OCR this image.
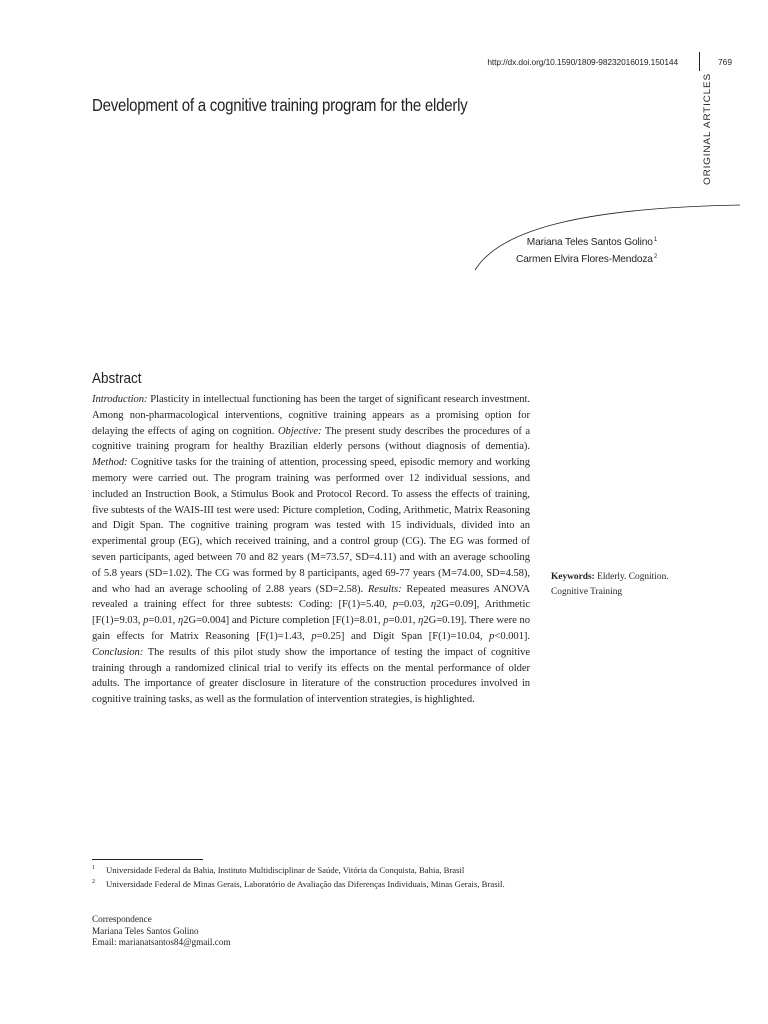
http://dx.doi.org/10.1590/1809-98232016019.150144	769
Development of a cognitive training program for the elderly	ORIGINAL ARTICLES
Mariana Teles Santos Golino$^1$
Carmen Elvira Flores-Mendoza$^2$
Abstract
Introduction: Plasticity in intellectual functioning has been the target of significant research investment. Among non-pharmacological interventions, cognitive training appears as a promising option for delaying the effects of aging on cognition. Objective: The present study describes the procedures of a cognitive training program for healthy Brazilian elderly persons (without diagnosis of dementia). Method: Cognitive tasks for the training of attention, processing speed, episodic memory and working memory were carried out. The program training was performed over 12 individual sessions, and included an Instruction Book, a Stimulus Book and Protocol Record. To assess the effects of training, five subtests of the WAIS-III test were used: Picture completion, Coding, Arithmetic, Matrix Reasoning and Digit Span. The cognitive training program was tested with 15 individuals, divided into an experimental group (EG), which received training, and a control group (CG). The EG was formed of seven participants, aged between 70 and 82 years (M=73.57, SD=4.11) and with an average schooling of 5.8 years (SD=1.02). The CG was formed by 8 participants, aged 69-77 years (M=74.00, SD=4.58), and who had an average schooling of 2.88 years (SD=2.58). Results: Repeated measures ANOVA revealed a training effect for three subtests: Coding: [F(1)=5.40, p=0.03, η2G=0.09], Arithmetic [F(1)=9.03, p=0.01, η2G=0.004] and Picture completion [F(1)=8.01, p=0.01, η2G=0.19]. There were no gain effects for Matrix Reasoning [F(1)=1.43, p=0.25] and Digit Span [F(1)=10.04, p<0.001]. Conclusion: The results of this pilot study show the importance of testing the impact of cognitive training through a randomized clinical trial to verify its effects on the mental performance of older adults. The importance of greater disclosure in literature of the construction procedures involved in cognitive training tasks, as well as the formulation of intervention strategies, is highlighted.
Keywords: Elderly. Cognition. Cognitive Training
1 Universidade Federal da Bahia, Instituto Multidisciplinar de Saúde, Vitória da Conquista, Bahia, Brasil
2 Universidade Federal de Minas Gerais, Laboratório de Avaliação das Diferenças Individuais, Minas Gerais, Brasil.
Correspondence
Mariana Teles Santos Golino
Email: marianatsantos84@gmail.com
